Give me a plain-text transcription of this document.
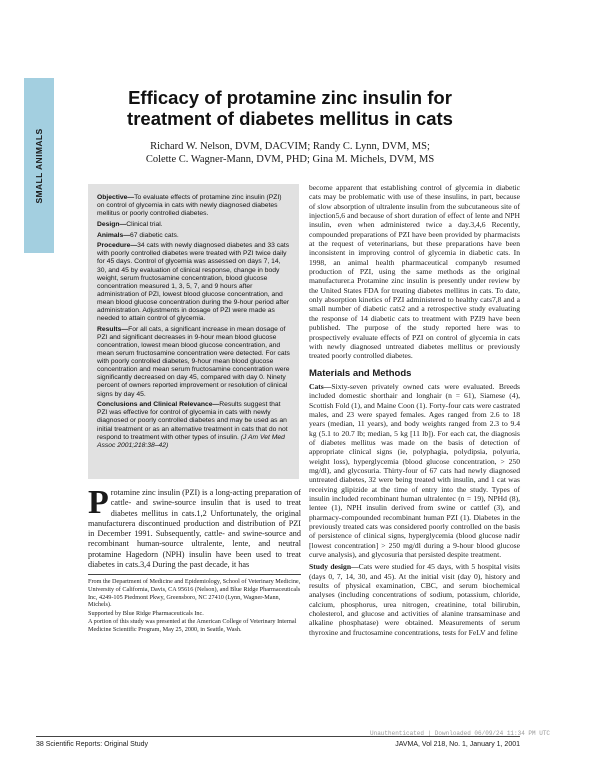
SMALL ANIMALS
Efficacy of protamine zinc insulin for treatment of diabetes mellitus in cats
Richard W. Nelson, DVM, DACVIM; Randy C. Lynn, DVM, MS;
Colette C. Wagner-Mann, DVM, PHD; Gina M. Michels, DVM, MS

Objective—To evaluate effects of protamine zinc insulin (PZI) on control of glycemia in cats with newly diagnosed diabetes mellitus or poorly controlled diabetes.

Design—Clinical trial.

Animals—67 diabetic cats.

Procedure—34 cats with newly diagnosed diabetes and 33 cats with poorly controlled diabetes were treated with PZI twice daily for 45 days. Control of glycemia was assessed on days 7, 14, 30, and 45 by evaluation of clinical response, change in body weight, serum fructosamine concentration, blood glucose concentration measured 1, 3, 5, 7, and 9 hours after administration of PZI, lowest blood glucose concentration, and mean blood glucose concentration during the 9-hour period after administration. Adjustments in dosage of PZI were made as needed to attain control of glycemia.

Results—For all cats, a significant increase in mean dosage of PZI and significant decreases in 9-hour mean blood glucose concentration, lowest mean blood glucose concentration, and mean serum fructosamine concentration were detected. For cats with poorly controlled diabetes, 9-hour mean blood glucose concentration and mean serum fructosamine concentration were significantly decreased on day 45, compared with day 0. Ninety percent of owners reported improvement or resolution of clinical signs by day 45.

Conclusions and Clinical Relevance—Results suggest that PZI was effective for control of glycemia in cats with newly diagnosed or poorly controlled diabetes and may be used as an initial treatment or as an alternative treatment in cats that do not respond to treatment with other types of insulin. (J Am Vet Med Assoc 2001;218:38–42)

Protamine zinc insulin (PZI) is a long-acting preparation of cattle- and swine-source insulin that is used to treat diabetes mellitus in cats.1,2 Unfortunately, the original manufacturera discontinued production and distribution of PZI in December 1991. Subsequently, cattle- and swine-source and recombinant human-source ultralente, lente, and neutral protamine Hagedorn (NPH) insulin have been used to treat diabetes in cats.3,4 During the past decade, it has

From the Department of Medicine and Epidemiology, School of Veterinary Medicine, University of California, Davis, CA 95616 (Nelson), and Blue Ridge Pharmaceuticals Inc, 4249-105 Piedmont Pkwy, Greensboro, NC 27410 (Lynn, Wagner-Mann, Michels).

Supported by Blue Ridge Pharmaceuticals Inc.

A portion of this study was presented at the American College of Veterinary Internal Medicine Scientific Program, May 25, 2000, in Seattle, Wash.

become apparent that establishing control of glycemia in diabetic cats may be problematic with use of these insulins, in part, because of slow absorption of ultralente insulin from the subcutaneous site of injection5,6 and because of short duration of effect of lente and NPH insulin, even when administered twice a day.3,4,6 Recently, compounded preparations of PZI have been provided by pharmacists at the request of veterinarians, but these preparations have been inconsistent in improving control of glycemia in diabetic cats. In 1998, an animal health pharmaceutical companyb resumed production of PZI, using the same methods as the original manufacturer.a Protamine zinc insulin is presently under review by the United States FDA for treating diabetes mellitus in cats. To date, only absorption kinetics of PZI administered to healthy cats7,8 and a small number of diabetic cats2 and a retrospective study evaluating the response of 14 diabetic cats to treatment with PZI9 have been published. The purpose of the study reported here was to prospectively evaluate effects of PZI on control of glycemia in cats with newly diagnosed untreated diabetes mellitus or previously treated poorly controlled diabetes.

Materials and Methods

Cats—Sixty-seven privately owned cats were evaluated. Breeds included domestic shorthair and longhair (n = 61), Siamese (4), Scottish Fold (1), and Maine Coon (1). Forty-four cats were castrated males, and 23 were spayed females. Ages ranged from 2.6 to 18 years (median, 11 years), and body weights ranged from 2.3 to 9.4 kg (5.1 to 20.7 lb; median, 5 kg [11 lb]). For each cat, the diagnosis of diabetes mellitus was made on the basis of detection of appropriate clinical signs (ie, polyphagia, polydipsia, polyuria, weight loss), hyperglycemia (blood glucose concentration, > 250 mg/dl), and glycosuria. Thirty-four of 67 cats had newly diagnosed untreated diabetes, 32 were being treated with insulin, and 1 cat was receiving glipizide at the time of entry into the study. Types of insulin included recombinant human ultralentec (n = 19), NPHd (8), lentee (1), NPH insulin derived from swine or cattlef (3), and pharmacy-compounded recombinant human PZI (1). Diabetes in the previously treated cats was considered poorly controlled on the basis of persistence of clinical signs, hyperglycemia (blood glucose nadir [lowest concentration] > 250 mg/dl during a 9-hour blood glucose curve analysis), and glycosuria that persisted despite treatment.

Study design—Cats were studied for 45 days, with 5 hospital visits (days 0, 7, 14, 30, and 45). At the initial visit (day 0), history and results of physical examination, CBC, and serum biochemical analyses (including concentrations of sodium, potassium, chloride, calcium, phosphorus, urea nitrogen, creatinine, total bilirubin, cholesterol, and glucose and activities of alanine transaminase and alkaline phosphatase) were obtained. Measurements of serum thyroxine and fructosamine concentrations, tests for FeLV and feline

Unauthenticated | Downloaded 06/09/24 11:34 PM UTC
38 Scientific Reports: Original Study	JAVMA, Vol 218, No. 1, January 1, 2001
